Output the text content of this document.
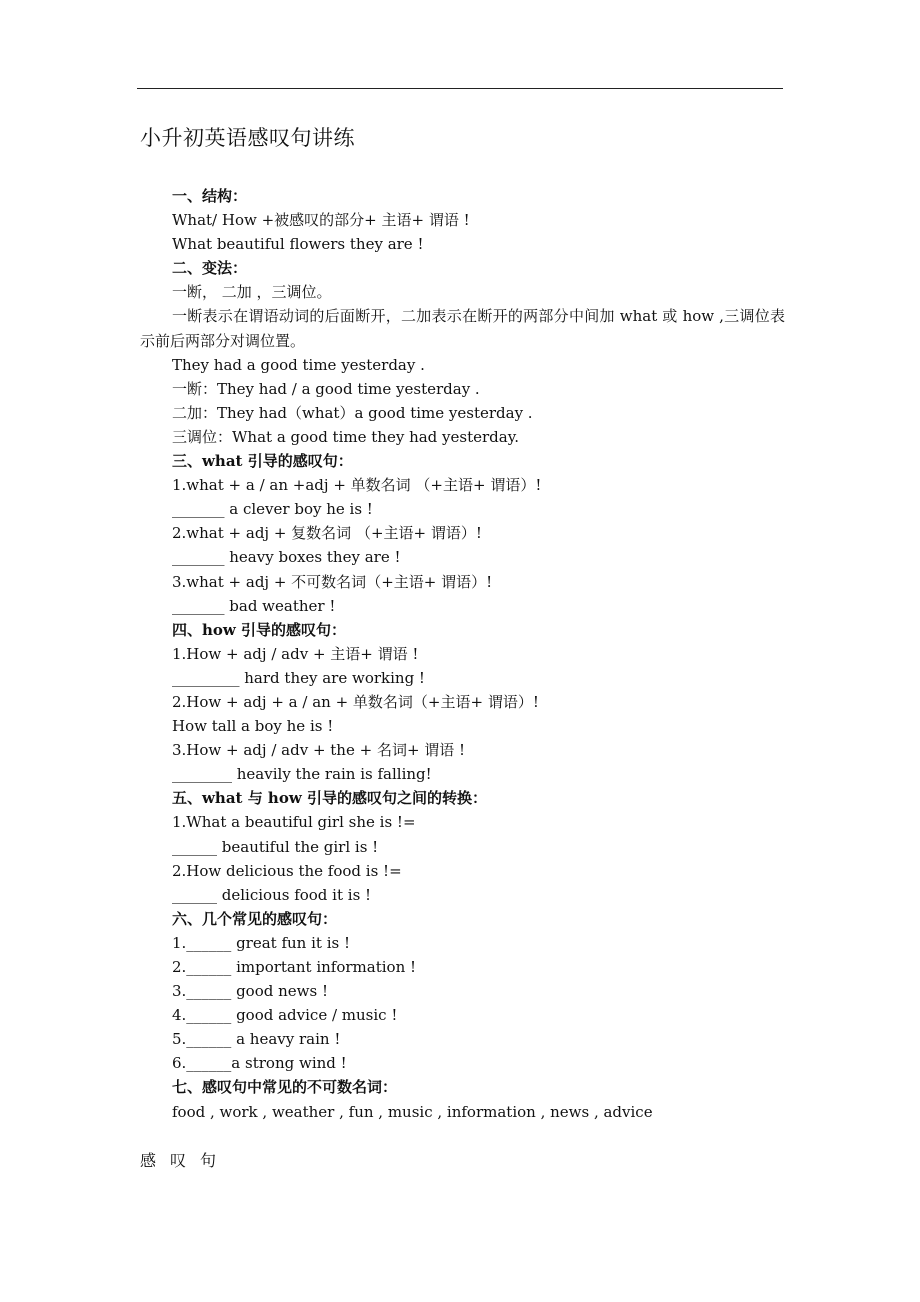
小升初英语感叹句讲练
一、结构：
What/ How +被感叹的部分+ 主语+ 谓语 !
What beautiful flowers they are !
二、变法：
一断， 二加 ，三调位。
一断表示在谓语动词的后面断开，二加表示在断开的两部分中间加 what 或 how ,三调位表示前后两部分对调位置。
They had a good time yesterday .
一断：They had / a good time yesterday .
二加：They had（what）a good time yesterday .
三调位：What a good time they had yesterday.
三、what 引导的感叹句：
1.what + a / an +adj + 单数名词 （+主语+ 谓语）!
_______ a clever boy he is !
2.what + adj + 复数名词 （+主语+ 谓语）!
_______ heavy boxes they are !
3.what + adj + 不可数名词（+主语+ 谓语）!
_______ bad weather !
四、how 引导的感叹句：
1.How + adj / adv + 主语+ 谓语 !
_________ hard they are working !
2.How + adj + a / an + 单数名词（+主语+ 谓语）!
How tall a boy he is !
3.How + adj / adv + the + 名词+ 谓语 !
________ heavily the rain is falling!
五、what 与 how 引导的感叹句之间的转换：
1.What a beautiful girl she is !=
______ beautiful the girl is !
2.How delicious the food is !=
______ delicious food it is !
六、几个常见的感叹句：
1.______ great fun it is !
2.______ important information !
3.______ good news !
4.______ good advice / music !
5.______ a heavy rain !
6.______a strong wind !
七、感叹句中常见的不可数名词：
food , work , weather , fun , music , information , news , advice
感叹句
